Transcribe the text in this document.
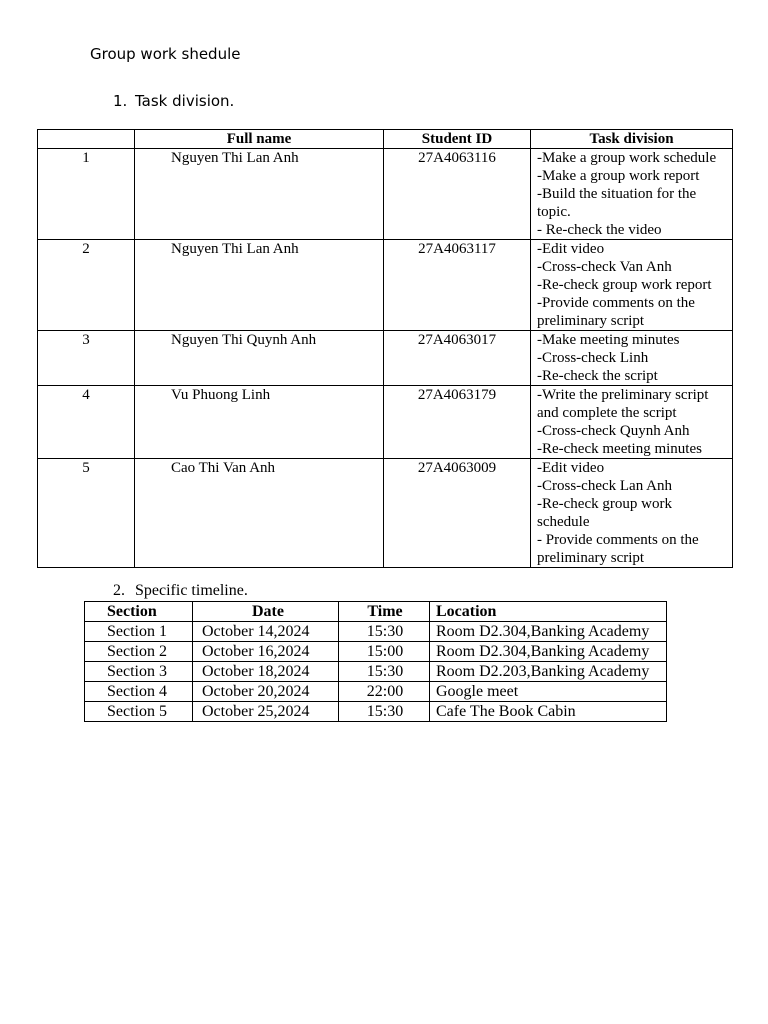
Group work shedule
1. Task division.
	Full name	Student ID	Task division
1	Nguyen Thi Lan Anh	27A4063116	-Make a group work schedule
-Make a group work report
-Build the situation for the topic.
- Re-check the video

2	Nguyen Thi Lan Anh	27A4063117	-Edit video
-Cross-check Van Anh
-Re-check group work report
-Provide comments on the preliminary script

3	Nguyen Thi Quynh Anh	27A4063017	-Make meeting minutes
-Cross-check Linh
-Re-check the script

4	Vu Phuong Linh	27A4063179	-Write the preliminary script and complete the script
-Cross-check Quynh Anh
-Re-check meeting minutes

5	Cao Thi Van Anh	27A4063009	-Edit video
-Cross-check Lan Anh
-Re-check group work schedule
- Provide comments on the preliminary script
2. Specific timeline.
Section	Date	Time	Location
Section 1	October 14,2024	15:30	Room D2.304,Banking Academy
Section 2	October 16,2024	15:00	Room D2.304,Banking Academy
Section 3	October 18,2024	15:30	Room D2.203,Banking Academy
Section 4	October 20,2024	22:00	Google meet
Section 5	October 25,2024	15:30	Cafe The Book Cabin
